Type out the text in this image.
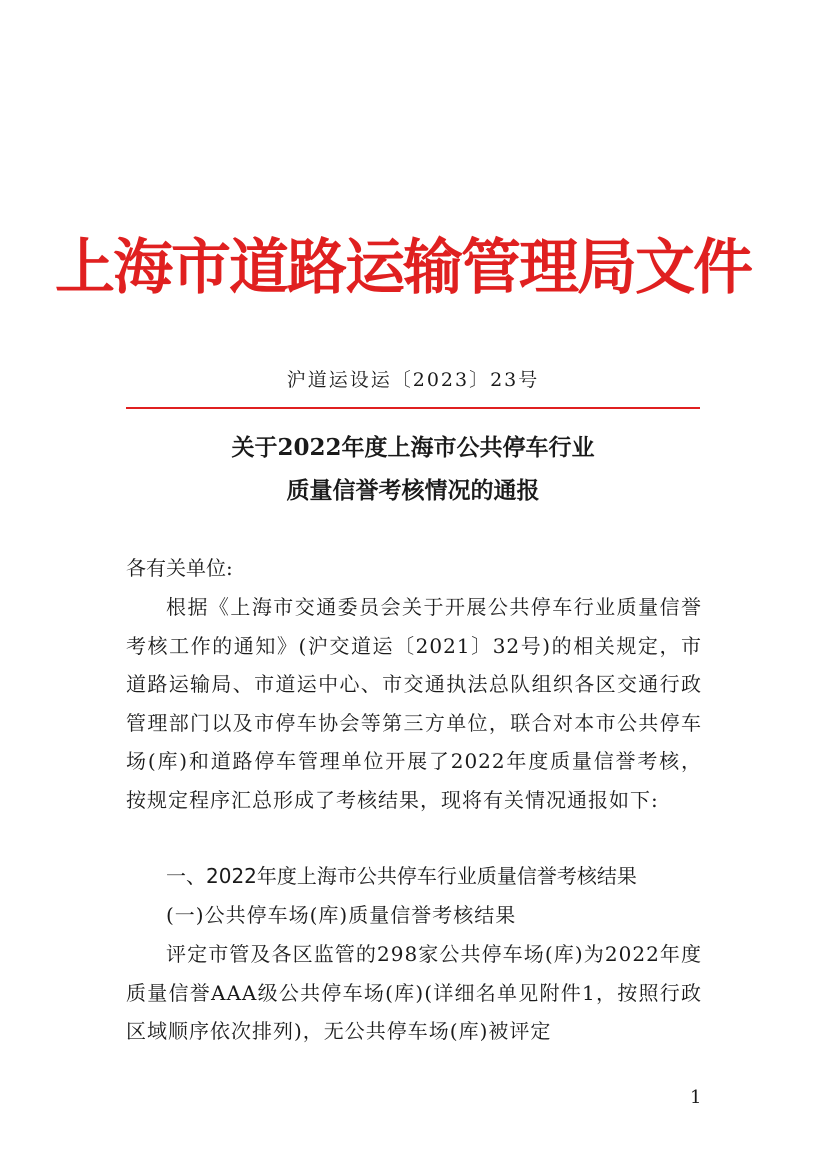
上海市道路运输管理局文件
沪道运设运〔2023〕23号
关于2022年度上海市公共停车行业
质量信誉考核情况的通报
各有关单位:

根据《上海市交通委员会关于开展公共停车行业质量信誉考核工作的通知》(沪交道运〔2021〕32号)的相关规定，市道路运输局、市道运中心、市交通执法总队组织各区交通行政管理部门以及市停车协会等第三方单位，联合对本市公共停车场(库)和道路停车管理单位开展了2022年度质量信誉考核，按规定程序汇总形成了考核结果，现将有关情况通报如下:

一、2022年度上海市公共停车行业质量信誉考核结果
(一)公共停车场(库)质量信誉考核结果

评定市管及各区监管的298家公共停车场(库)为2022年度质量信誉AAA级公共停车场(库)(详细名单见附件1，按照行政区域顺序依次排列)，无公共停车场(库)被评定

1
